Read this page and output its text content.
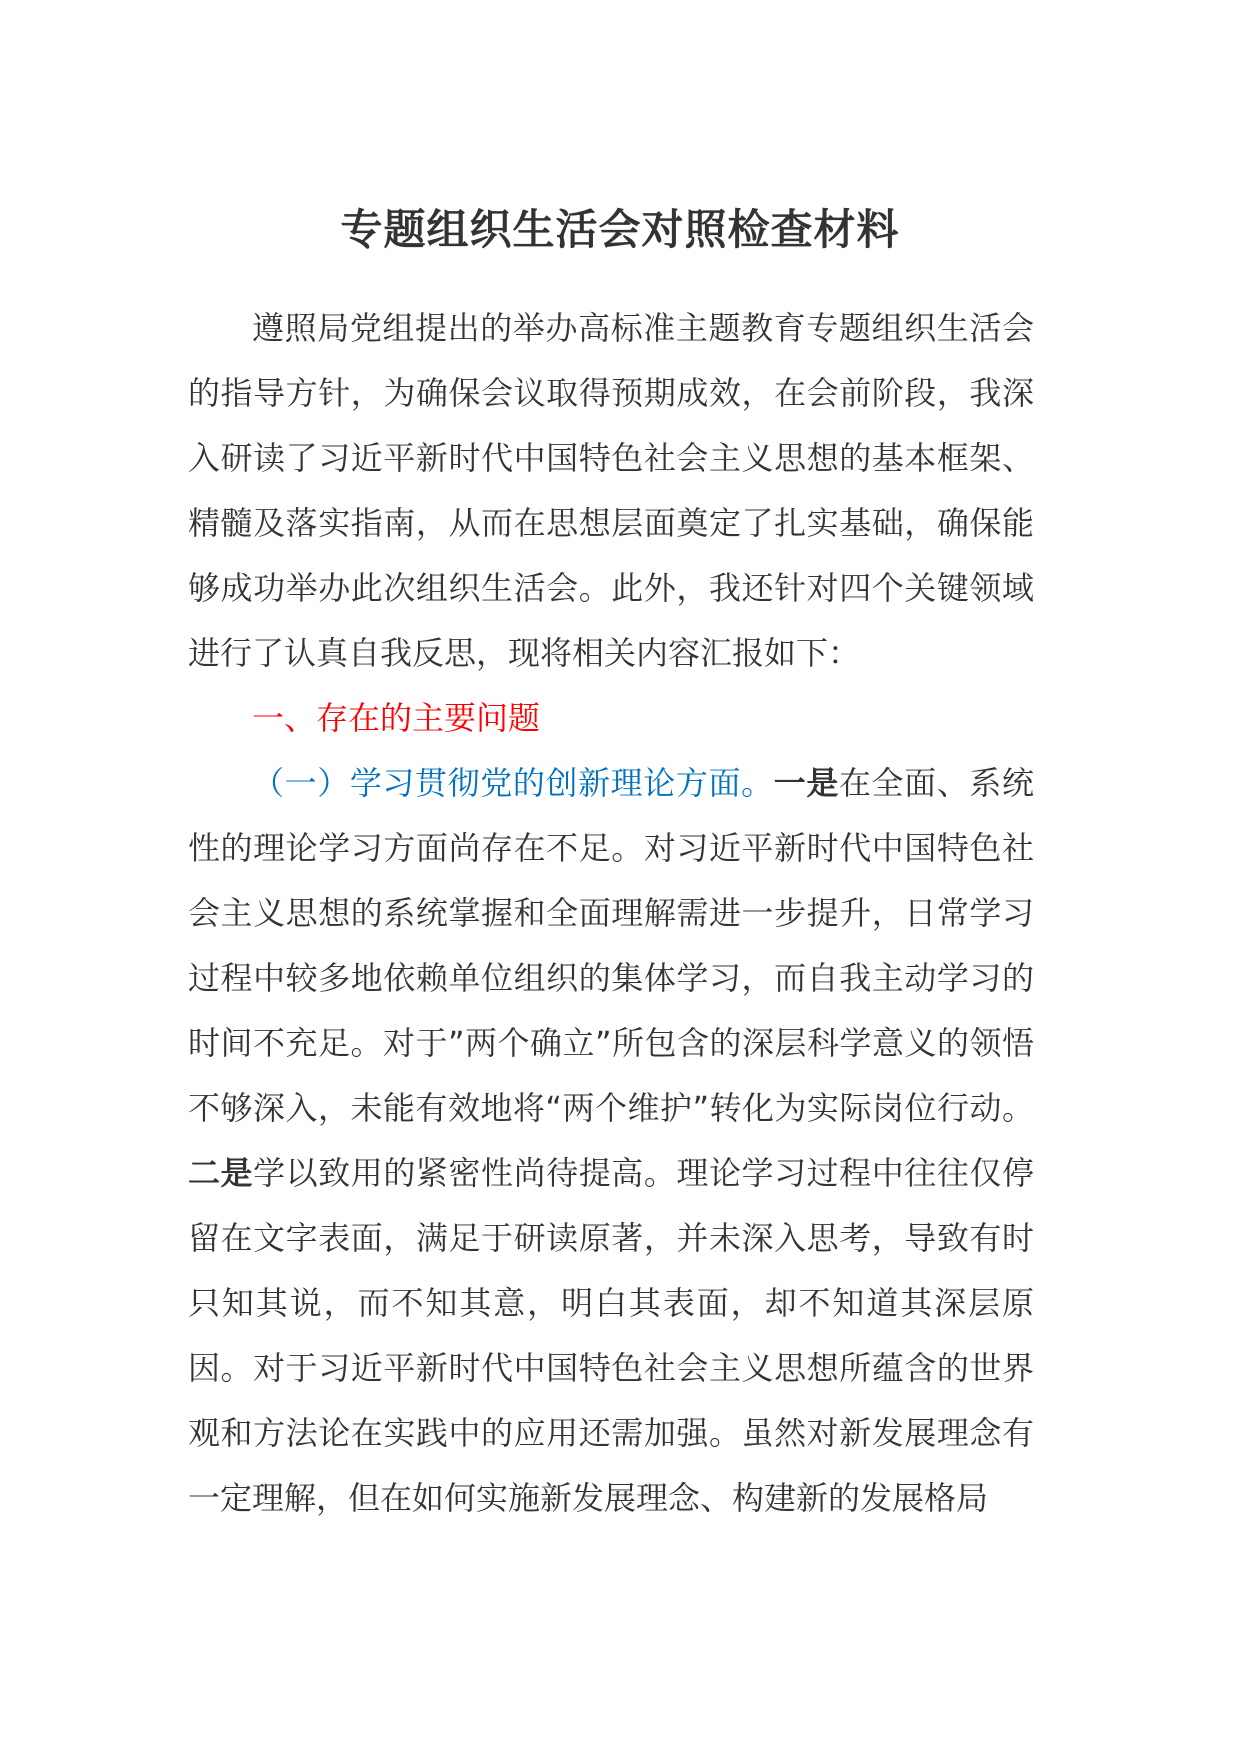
专题组织生活会对照检查材料

遵照局党组提出的举办高标准主题教育专题组织生活会的指导方针，为确保会议取得预期成效，在会前阶段，我深入研读了习近平新时代中国特色社会主义思想的基本框架、精髓及落实指南，从而在思想层面奠定了扎实基础，确保能够成功举办此次组织生活会。此外，我还针对四个关键领域进行了认真自我反思，现将相关内容汇报如下：

一、存在的主要问题

（一）学习贯彻党的创新理论方面。一是在全面、系统性的理论学习方面尚存在不足。对习近平新时代中国特色社会主义思想的系统掌握和全面理解需进一步提升，日常学习过程中较多地依赖单位组织的集体学习，而自我主动学习的时间不充足。对于”两个确立”所包含的深层科学意义的领悟不够深入，未能有效地将“两个维护”转化为实际岗位行动。二是学以致用的紧密性尚待提高。理论学习过程中往往仅停留在文字表面，满足于研读原著，并未深入思考，导致有时只知其说，而不知其意，明白其表面，却不知道其深层原因。对于习近平新时代中国特色社会主义思想所蕴含的世界观和方法论在实践中的应用还需加强。虽然对新发展理念有一定理解，但在如何实施新发展理念、构建新的发展格局
